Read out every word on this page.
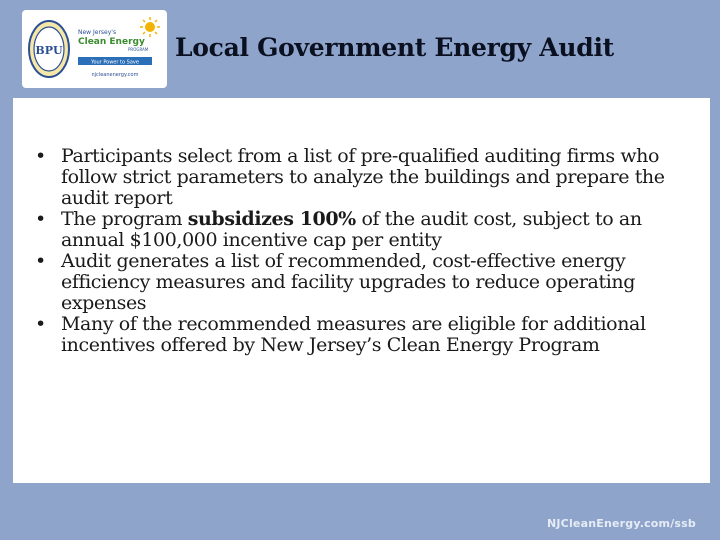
BPU
New Jersey's
Clean Energy
PROGRAM
Your Power to Save
njcleanenergy.com
Local Government Energy Audit
• Participants select from a list of pre-qualified auditing firms who follow strict parameters to analyze the buildings and prepare the audit report
• The program subsidizes 100% of the audit cost, subject to an annual $100,000 incentive cap per entity
• Audit generates a list of recommended, cost-effective energy efficiency measures and facility upgrades to reduce operating expenses
• Many of the recommended measures are eligible for additional incentives offered by New Jersey’s Clean Energy Program
NJCleanEnergy.com/ssb
